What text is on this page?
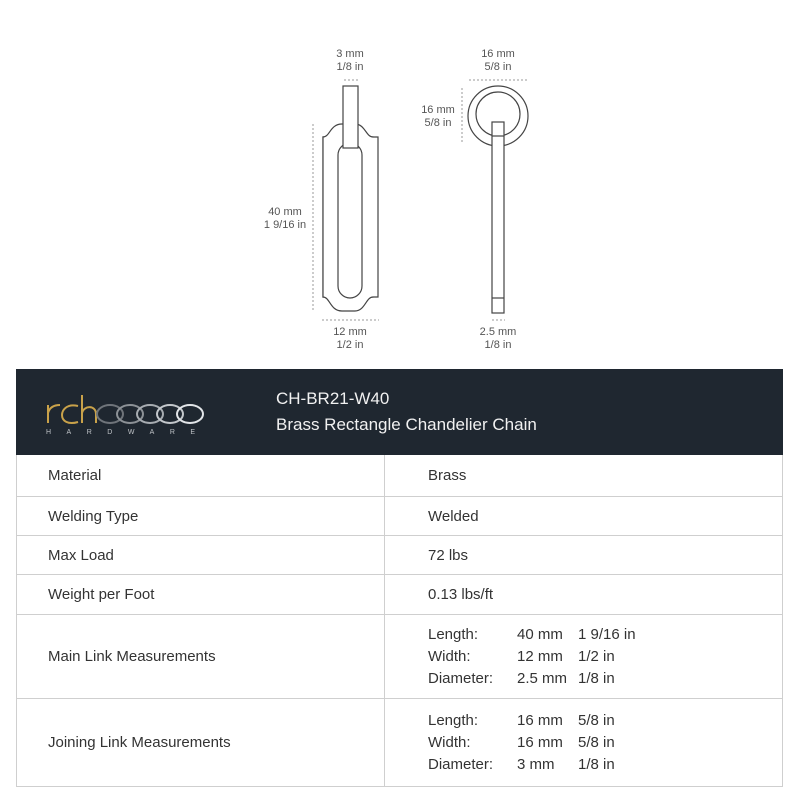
3 mm
1/8 in
40 mm
1 9/16 in
12 mm
1/2 in
16 mm
5/8 in
16 mm
5/8 in
2.5 mm
1/8 in
HARDWARE
CH-BR21-W40
Brass Rectangle Chandelier Chain
Material	Brass
Welding Type	Welded
Max Load	72 lbs
Weight per Foot	0.13 lbs/ft
Main Link Measurements
Length:	40 mm	1 9/16 in
Width:	12 mm	1/2 in
Diameter:	2.5 mm 1/8 in
Joining Link Measurements
Length:	16 mm	5/8 in
Width:	16 mm	5/8 in
Diameter:	3 mm	1/8 in
